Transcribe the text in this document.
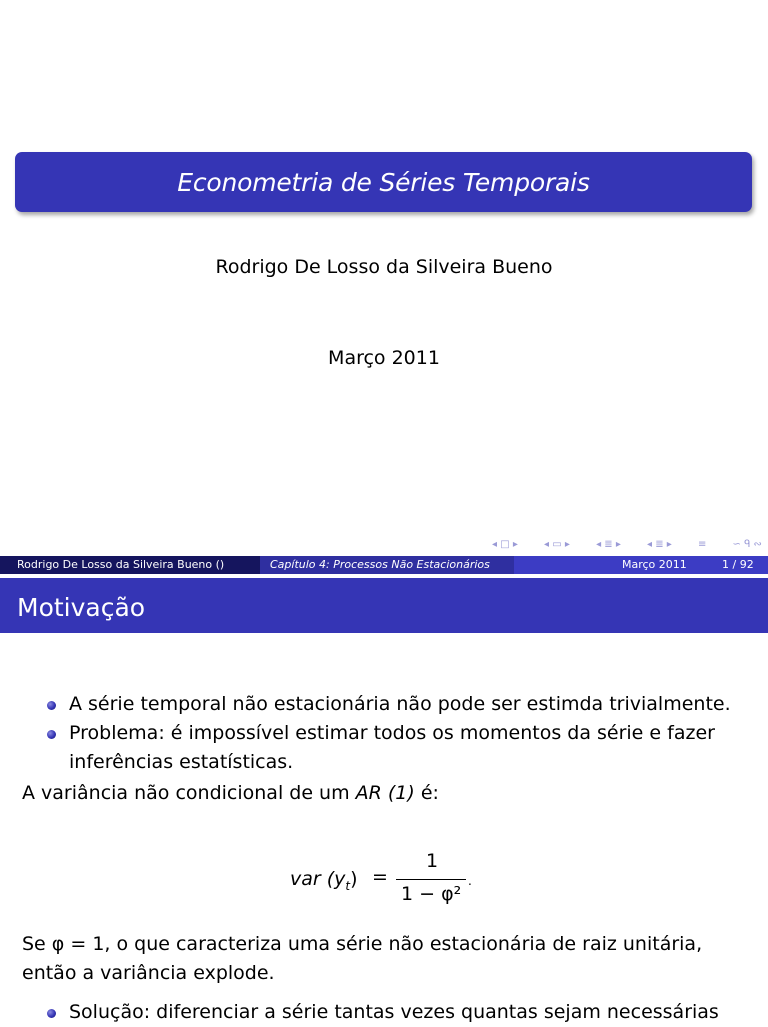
Econometria de Séries Temporais
Rodrigo De Losso da Silveira Bueno
Março 2011
◂ □ ▸	◂ ▭ ▸	◂ ≣ ▸	◂ ≣ ▸	≡	∽ ᑫ ∾
Rodrigo De Losso da Silveira Bueno ()	Capítulo 4: Processos Não Estacionários	Março 2011	1 / 92
Motivação
A série temporal não estacionária não pode ser estimda trivialmente.
Problema: é impossível estimar todos os momentos da série e fazer inferências estatísticas.
A variância não condicional de um AR (1) é:
var $(y_t)$ =
1
1 − φ²
.
Se φ = 1, o que caracteriza uma série não estacionária de raiz unitária, então a variância explode.
Solução: diferenciar a série tantas vezes quantas sejam necessárias
